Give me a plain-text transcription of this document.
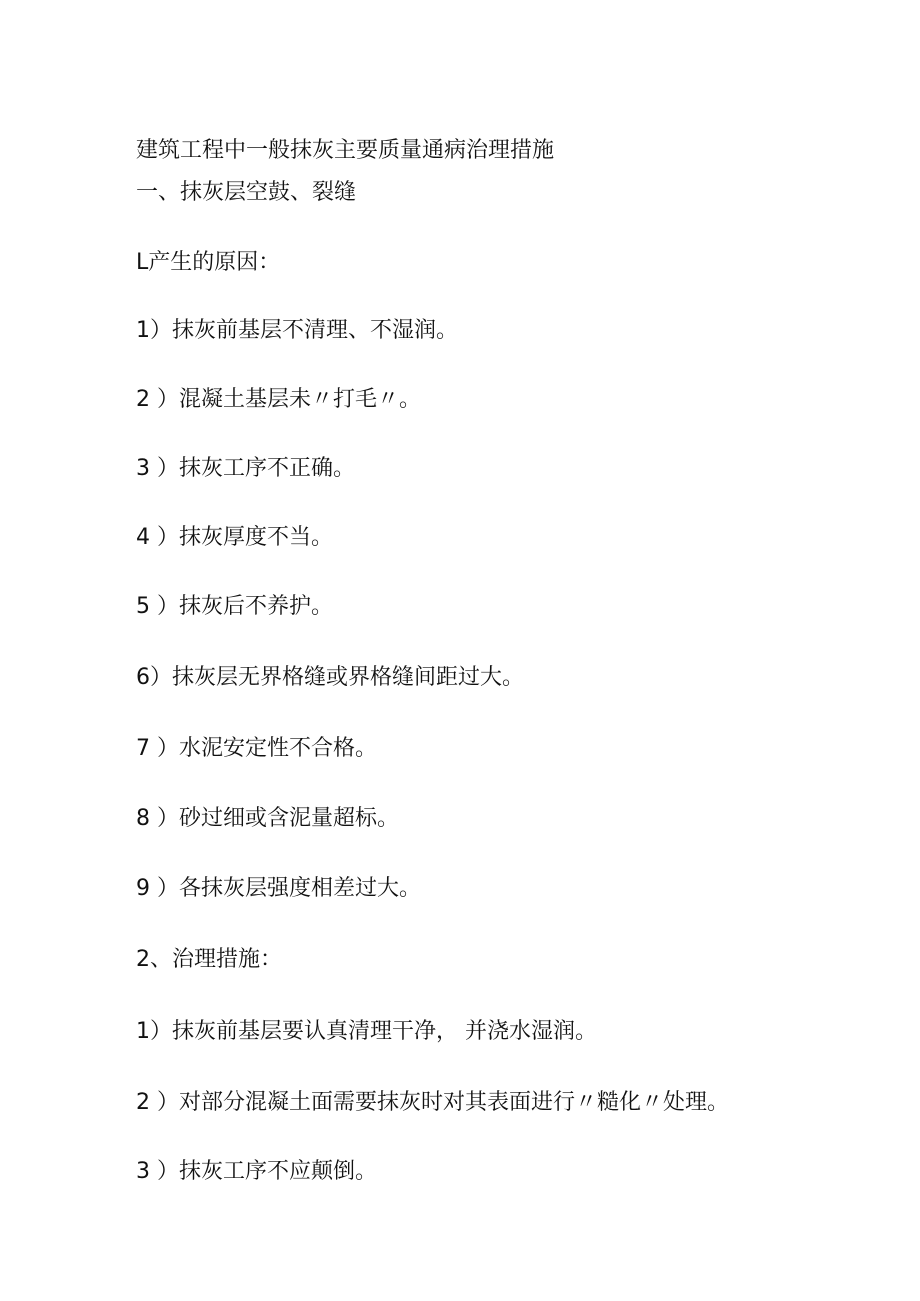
建筑工程中一般抹灰主要质量通病治理措施
一、抹灰层空鼓、裂缝
L产生的原因：
1）抹灰前基层不清理、不湿润。
2 ）混凝土基层未〃打毛〃。
3 ）抹灰工序不正确。
4 ）抹灰厚度不当。
5 ）抹灰后不养护。
6）抹灰层无界格缝或界格缝间距过大。
7 ）水泥安定性不合格。
8 ）砂过细或含泥量超标。
9 ）各抹灰层强度相差过大。
2、治理措施：
1）抹灰前基层要认真清理干净， 并浇水湿润。
2 ）对部分混凝土面需要抹灰时对其表面进行〃糙化〃处理。
3 ）抹灰工序不应颠倒。
